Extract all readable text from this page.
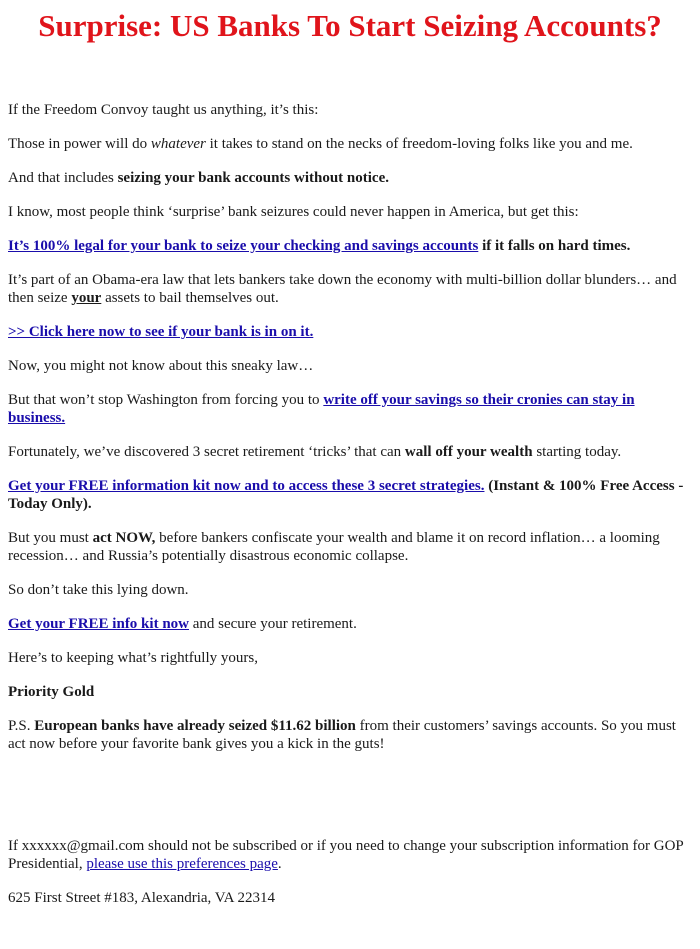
Surprise: US Banks To Start Seizing Accounts?

If the Freedom Convoy taught us anything, it’s this:

Those in power will do whatever it takes to stand on the necks of freedom-loving folks like you and me.

And that includes seizing your bank accounts without notice.

I know, most people think ‘surprise’ bank seizures could never happen in America, but get this:

It’s 100% legal for your bank to seize your checking and savings accounts if it falls on hard times.

It’s part of an Obama-era law that lets bankers take down the economy with multi-billion dollar blunders… and then seize your assets to bail themselves out.

>> Click here now to see if your bank is in on it.

Now, you might not know about this sneaky law…

But that won’t stop Washington from forcing you to write off your savings so their cronies can stay in business.

Fortunately, we’ve discovered 3 secret retirement ‘tricks’ that can wall off your wealth starting today.

Get your FREE information kit now and to access these 3 secret strategies. (Instant & 100% Free Access - Today Only).

But you must act NOW, before bankers confiscate your wealth and blame it on record inflation… a looming recession… and Russia’s potentially disastrous economic collapse.

So don’t take this lying down.

Get your FREE info kit now and secure your retirement.

Here’s to keeping what’s rightfully yours,

Priority Gold

P.S. European banks have already seized $11.62 billion from their customers’ savings accounts. So you must act now before your favorite bank gives you a kick in the guts!

If xxxxxx@gmail.com should not be subscribed or if you need to change your subscription information for GOP Presidential, please use this preferences page.

625 First Street #183, Alexandria, VA 22314
